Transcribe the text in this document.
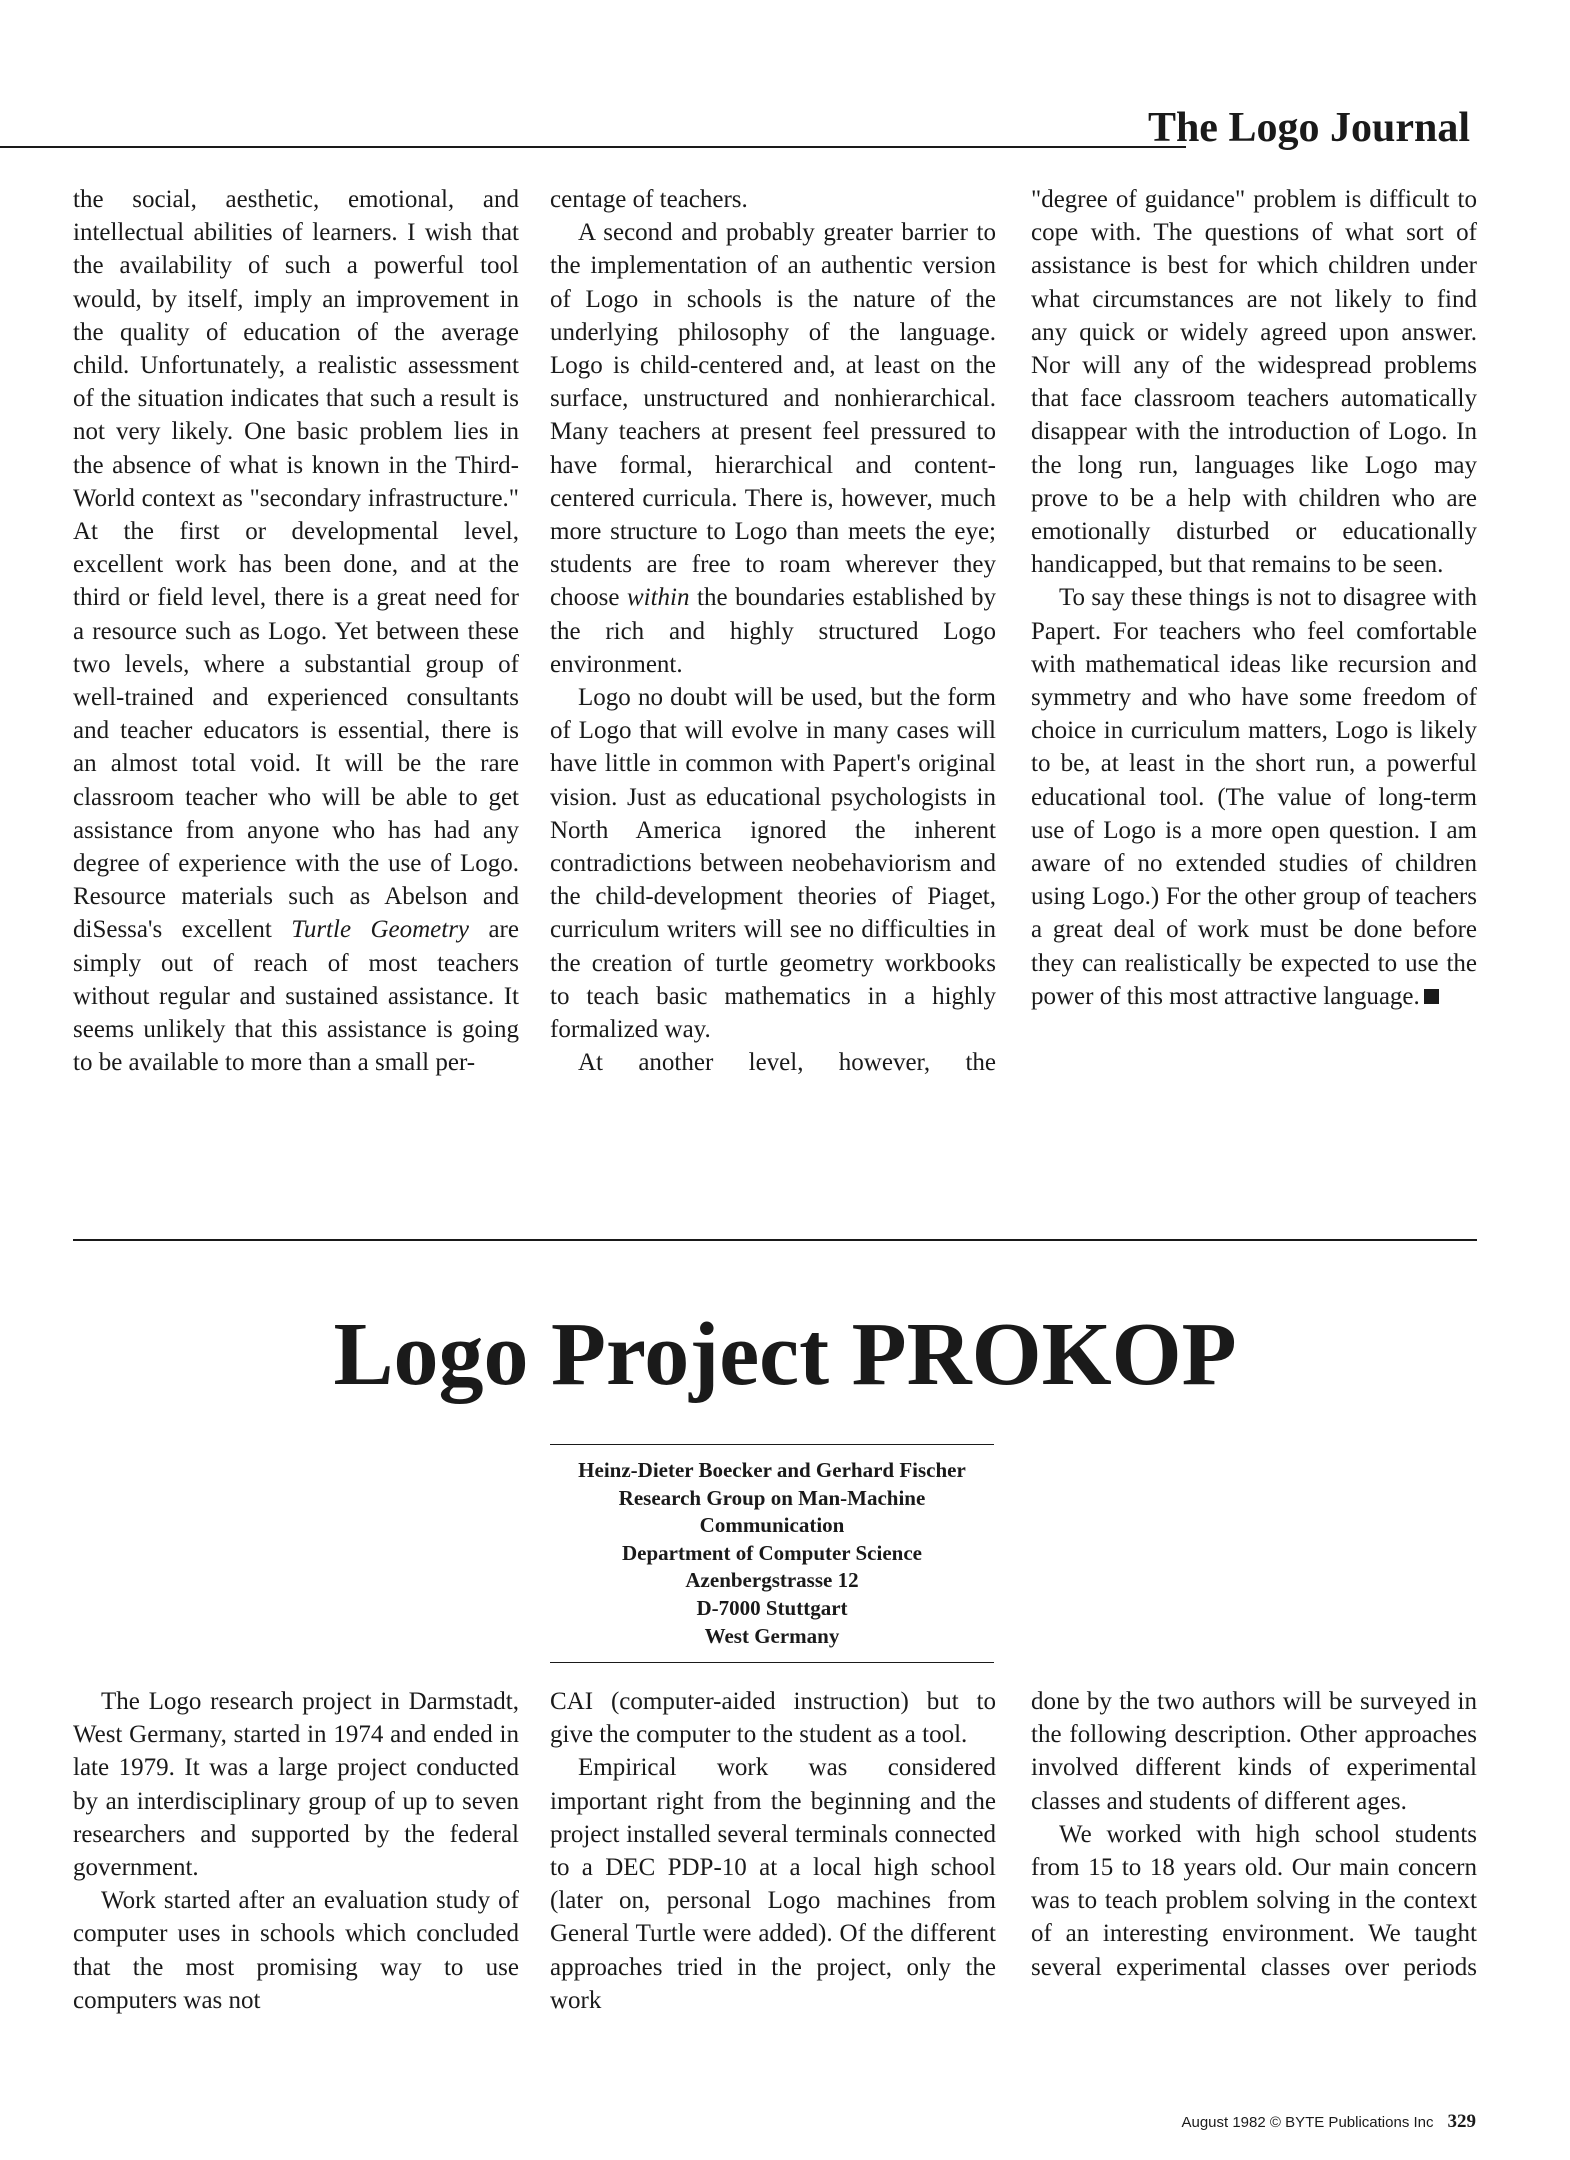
The Logo Journal

the social, aesthetic, emotional, and intellectual abilities of learners. I wish that the availability of such a powerful tool would, by itself, imply an improvement in the quality of education of the average child. Unfortunately, a realistic assessment of the situation indicates that such a result is not very likely. One basic problem lies in the absence of what is known in the Third-World context as "secondary infrastructure." At the first or developmental level, excellent work has been done, and at the third or field level, there is a great need for a resource such as Logo. Yet between these two levels, where a substantial group of well-trained and experienced consultants and teacher educators is essential, there is an almost total void. It will be the rare classroom teacher who will be able to get assistance from anyone who has had any degree of experience with the use of Logo. Resource materials such as Abelson and diSessa's excellent Turtle Geometry are simply out of reach of most teachers without regular and sustained assistance. It seems unlikely that this assistance is going to be available to more than a small per-

centage of teachers.

A second and probably greater barrier to the implementation of an authentic version of Logo in schools is the nature of the underlying philosophy of the language. Logo is child-centered and, at least on the surface, unstructured and nonhierarchical. Many teachers at present feel pressured to have formal, hierarchical and content-centered curricula. There is, however, much more structure to Logo than meets the eye; students are free to roam wherever they choose within the boundaries established by the rich and highly structured Logo environment.

Logo no doubt will be used, but the form of Logo that will evolve in many cases will have little in common with Papert's original vision. Just as educational psychologists in North America ignored the inherent contradictions between neobehaviorism and the child-development theories of Piaget, curriculum writers will see no difficulties in the creation of turtle geometry workbooks to teach basic mathematics in a highly formalized way.

At another level, however, the

"degree of guidance" problem is difficult to cope with. The questions of what sort of assistance is best for which children under what circumstances are not likely to find any quick or widely agreed upon answer. Nor will any of the widespread problems that face classroom teachers automatically disappear with the introduction of Logo. In the long run, languages like Logo may prove to be a help with children who are emotionally disturbed or educationally handicapped, but that remains to be seen.

To say these things is not to disagree with Papert. For teachers who feel comfortable with mathematical ideas like recursion and symmetry and who have some freedom of choice in curriculum matters, Logo is likely to be, at least in the short run, a powerful educational tool. (The value of long-term use of Logo is a more open question. I am aware of no extended studies of children using Logo.) For the other group of teachers a great deal of work must be done before they can realistically be expected to use the power of this most attractive language.

Logo Project PROKOP
Heinz-Dieter Boecker and Gerhard Fischer
Research Group on Man-Machine
Communication
Department of Computer Science
Azenbergstrasse 12
D-7000 Stuttgart
West Germany

The Logo research project in Darmstadt, West Germany, started in 1974 and ended in late 1979. It was a large project conducted by an interdisciplinary group of up to seven researchers and supported by the federal government.

Work started after an evaluation study of computer uses in schools which concluded that the most promising way to use computers was not

CAI (computer-aided instruction) but to give the computer to the student as a tool.

Empirical work was considered important right from the beginning and the project installed several terminals connected to a DEC PDP-10 at a local high school (later on, personal Logo machines from General Turtle were added). Of the different approaches tried in the project, only the work

done by the two authors will be surveyed in the following description. Other approaches involved different kinds of experimental classes and students of different ages.

We worked with high school students from 15 to 18 years old. Our main concern was to teach problem solving in the context of an interesting environment. We taught several experimental classes over periods

August 1982 © BYTE Publications Inc 329
